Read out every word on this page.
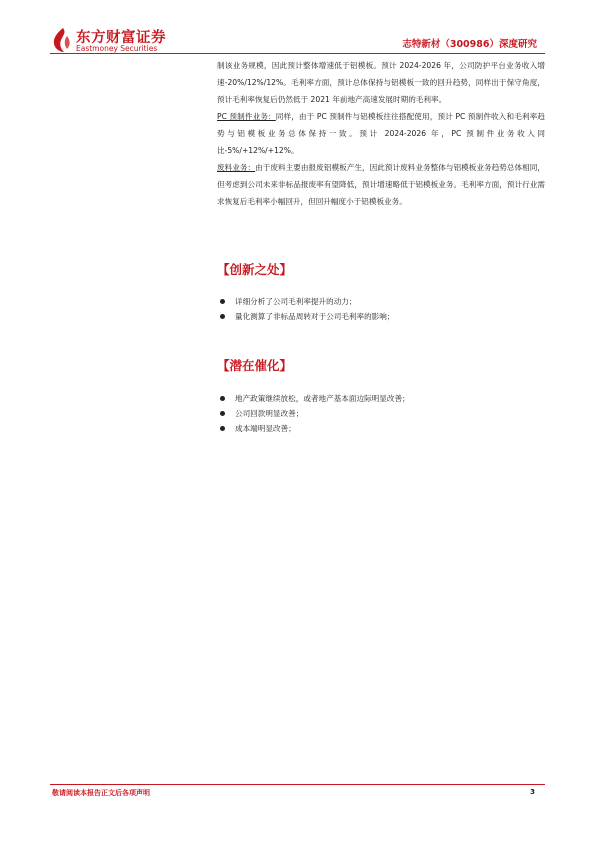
东方财富证券
Eastmoney Securities	志特新材（300986）深度研究

制该业务规模，因此预计整体增速低于铝模板。预计 2024-2026 年，公司防护平台业务收入增速-20%/12%/12%。毛利率方面，预计总体保持与铝模板一致的回升趋势，同样出于保守角度，预计毛利率恢复后仍然低于 2021 年前地产高速发展时期的毛利率。

PC 预制件业务：同样，由于 PC 预制件与铝模板往往搭配使用，预计 PC 预制件收入和毛利率趋势与铝模板业务总体保持一致。预计 2024-2026 年，PC 预制件业务收入同比-5%/+12%/+12%。

废料业务：由于废料主要由报废铝模板产生，因此预计废料业务整体与铝模板业务趋势总体相同，但考虑到公司未来非标品报废率有望降低，预计增速略低于铝模板业务。毛利率方面，预计行业需求恢复后毛利率小幅回升，但回升幅度小于铝模板业务。

【创新之处】
详细分析了公司毛利率提升的动力；
量化测算了非标品周转对于公司毛利率的影响；
【潜在催化】
地产政策继续放松，或者地产基本面边际明显改善；
公司回款明显改善；
成本端明显改善；
敬请阅读本报告正文后各项声明	3
